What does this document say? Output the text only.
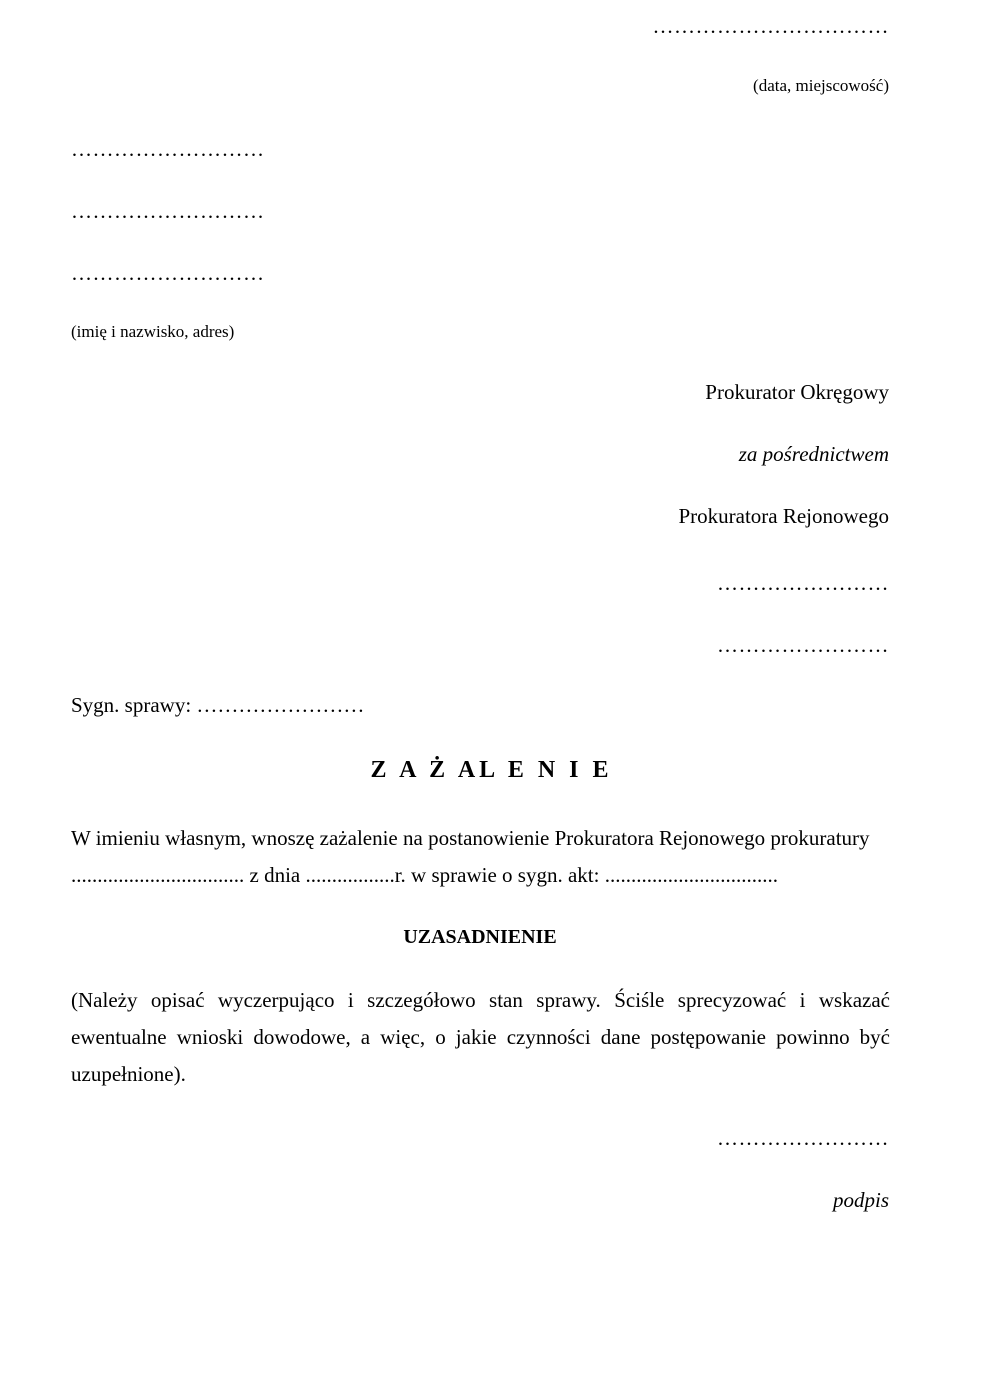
……………………………
(data, miejscowość)
………………………
………………………
………………………
(imię i nazwisko, adres)
Prokurator Okręgowy
za pośrednictwem
Prokuratora Rejonowego
……………………
……………………
Sygn. sprawy: ……………………
Z A Ż AL E N I E
W imieniu własnym, wnoszę zażalenie na postanowienie Prokuratora Rejonowego prokuratury
................................. z dnia .................r. w sprawie o sygn. akt: .................................
UZASADNIENIE
(Należy opisać wyczerpująco i szczegółowo stan sprawy. Ściśle sprecyzować i wskazać ewentualne wnioski dowodowe, a więc, o jakie czynności dane postępowanie powinno być uzupełnione).
……………………
podpis
